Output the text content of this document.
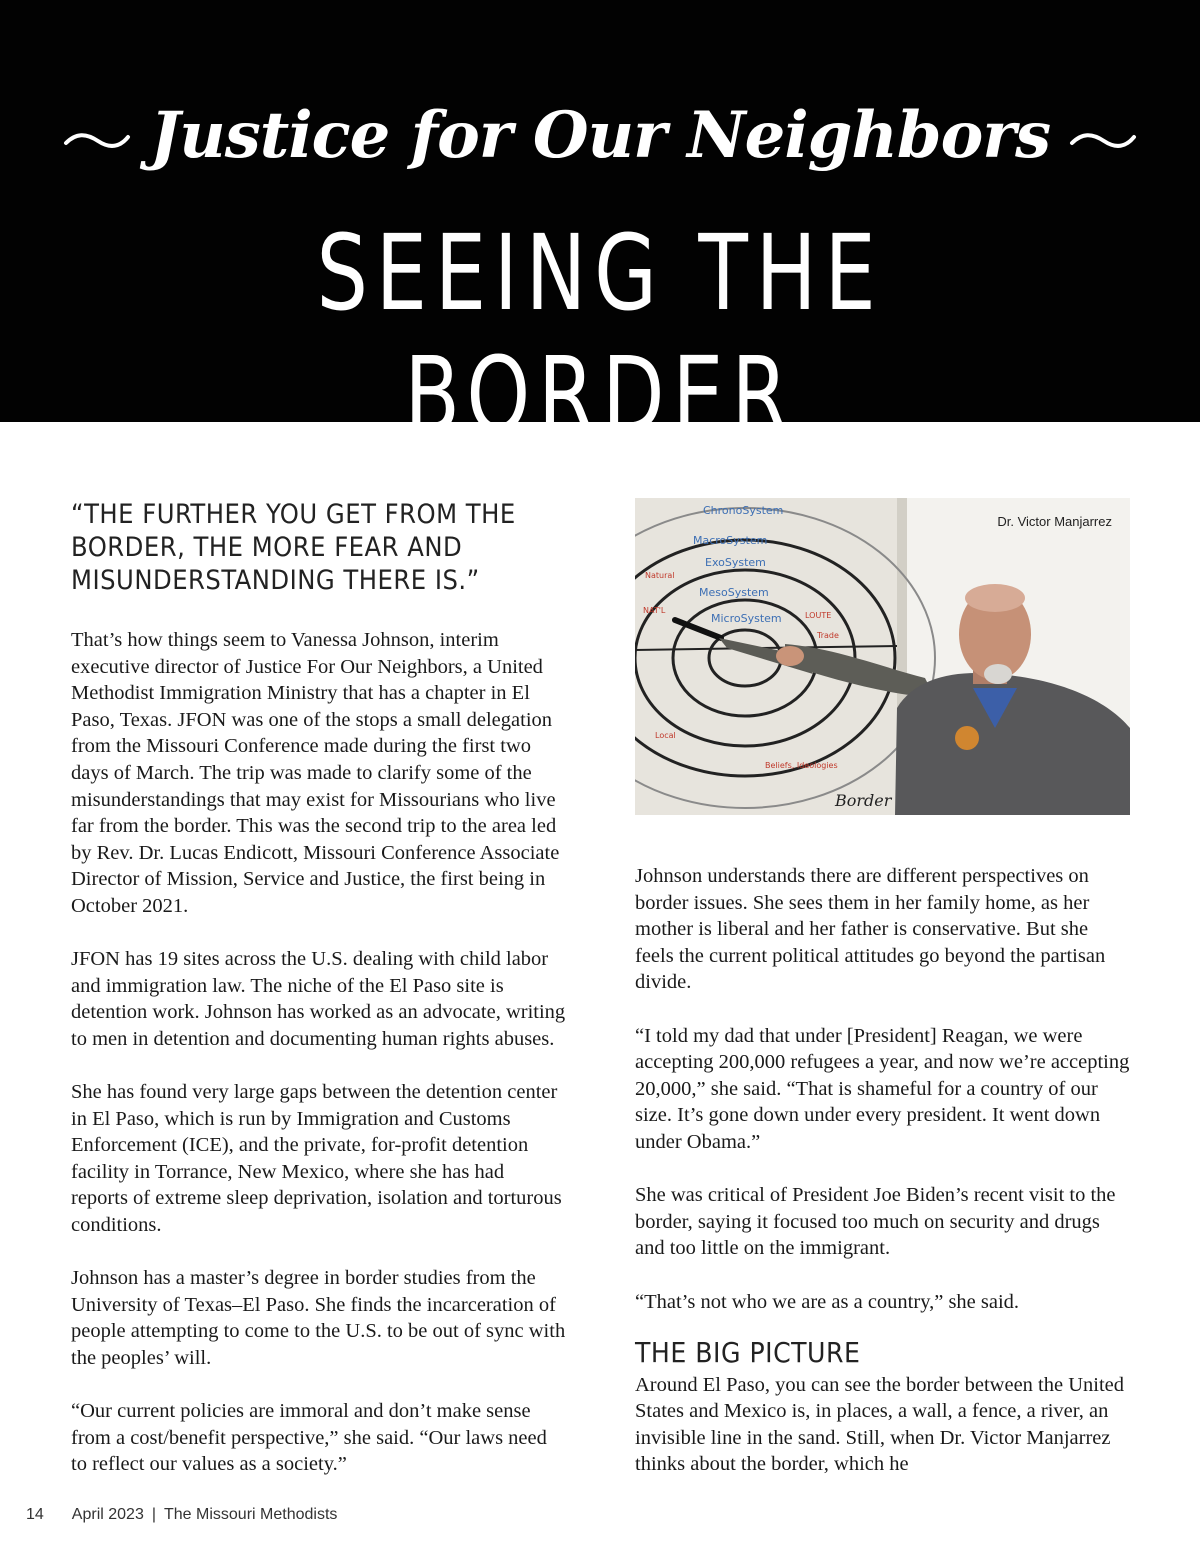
Justice for Our Neighbors
SEEING THE BORDER
“THE FURTHER YOU GET FROM THE BORDER, THE MORE FEAR AND MISUNDERSTANDING THERE IS.”

That’s how things seem to Vanessa Johnson, interim executive director of Justice For Our Neighbors, a United Methodist Immigration Ministry that has a chapter in El Paso, Texas. JFON was one of the stops a small delegation from the Missouri Conference made during the first two days of March. The trip was made to clarify some of the misunderstandings that may exist for Missourians who live far from the border. This was the second trip to the area led by Rev. Dr. Lucas Endicott, Missouri Conference Associate Director of Mission, Service and Justice, the first being in October 2021.

JFON has 19 sites across the U.S. dealing with child labor and immigration law. The niche of the El Paso site is detention work. Johnson has worked as an advocate, writing to men in detention and documenting human rights abuses.

She has found very large gaps between the detention center in El Paso, which is run by Immigration and Customs Enforcement (ICE), and the private, for-profit detention facility in Torrance, New Mexico, where she has had reports of extreme sleep deprivation, isolation and torturous conditions.

Johnson has a master’s degree in border studies from the University of Texas–El Paso. She finds the incarceration of people attempting to come to the U.S. to be out of sync with the peoples’ will.

“Our current policies are immoral and don’t make sense from a cost/benefit perspective,” she said. “Our laws need to reflect our values as a society.”

ChronoSystem
MacroSystem
ExoSystem
MesoSystem
MicroSystem
Natural
NAT'L
LOUTE
Trade
Local
Beliefs, Ideologies
Border
Dr. Victor Manjarrez

Johnson understands there are different perspectives on border issues. She sees them in her family home, as her mother is liberal and her father is conservative. But she feels the current political attitudes go beyond the partisan divide.

“I told my dad that under [President] Reagan, we were accepting 200,000 refugees a year, and now we’re accepting 20,000,” she said. “That is shameful for a country of our size. It’s gone down under every president. It went down under Obama.”

She was critical of President Joe Biden’s recent visit to the border, saying it focused too much on security and drugs and too little on the immigrant.

“That’s not who we are as a country,” she said.

THE BIG PICTURE

Around El Paso, you can see the border between the United States and Mexico is, in places, a wall, a fence, a river, an invisible line in the sand. Still, when Dr. Victor Manjarrez thinks about the border, which he

14 April 2023 | The Missouri Methodists
